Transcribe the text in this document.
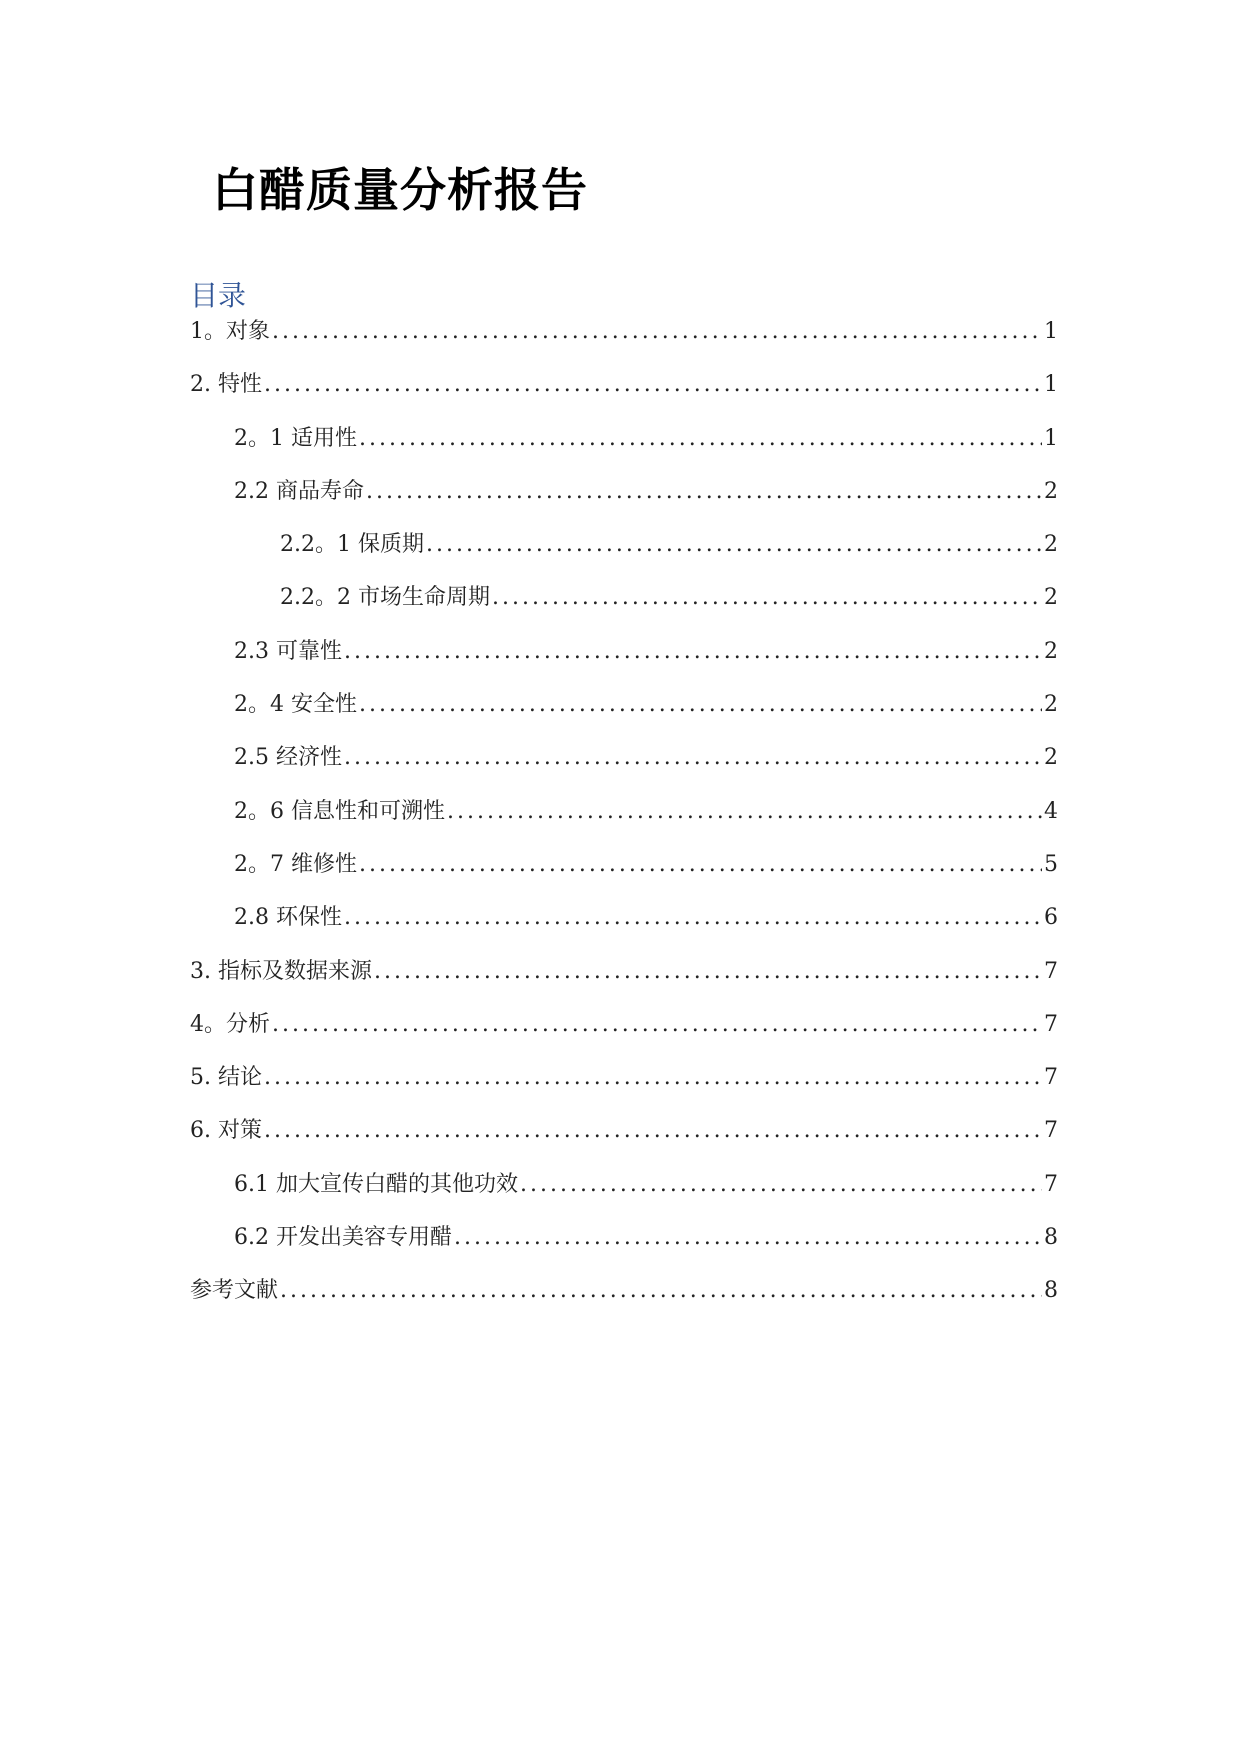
白醋质量分析报告
目录
1。对象 .....	1
2. 特性 .....	1
2。1 适用性 .....	1
2.2 商品寿命 .....	2
2.2。1 保质期 .....	2
2.2。2 市场生命周期 .....	2
2.3 可靠性 .....	2
2。4 安全性 .....	2
2.5 经济性 .....	2
2。6 信息性和可溯性 .....	4
2。7 维修性 .....	5
2.8 环保性 .....	6
3. 指标及数据来源 .....	7
4。分析 .....	7
5. 结论 .....	7
6. 对策 .....	7
6.1 加大宣传白醋的其他功效 .....	7
6.2 开发出美容专用醋 .....	8
参考文献 .....	8
